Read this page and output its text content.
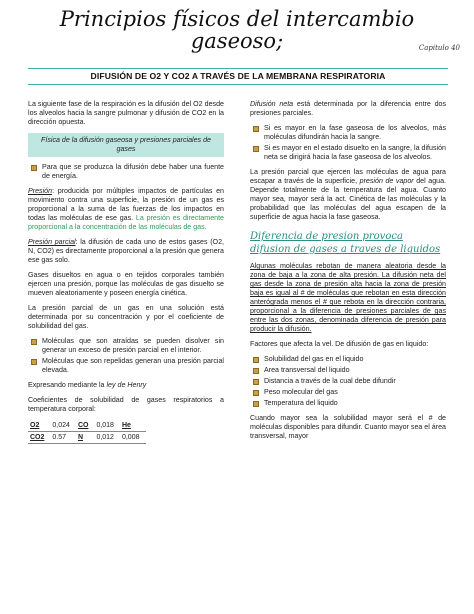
Principios físicos del intercambio
gaseoso;	Capitulo 40
DIFUSIÓN DE O2 Y CO2 A TRAVÉS DE LA MEMBRANA RESPIRATORIA

La siguiente fase de la respiración es la difusión del O2 desde los alveolos hacia la sangre pulmonar y difusión de CO2 en la dirección opuesta.

Física de la difusión gaseosa y presiones parciales de gases
Para que se produzca la difusión debe haber una fuente de energía.

Presión: producida por múltiples impactos de partículas en movimiento contra una superficie, la presión de un gas es proporcional a la suma de las fuerzas de los impactos en todas las moléculas de ese gas. La presión es directamente proporcional a la concentración de las moléculas de gas.

Presión parcial: la difusión de cada uno de estos gases (O2, N, CO2) es directamente proporcional a la presión que genera ese gas solo.

Gases disueltos en agua o en tejidos corporales también ejercen una presión, porque las moléculas de gas disuelto se mueven aleatoriamente y poseen energía cinética.

La presión parcial de un gas en una solución está determinada por su concentración y por el coeficiente de solubilidad del gas.

Moléculas que son atraídas se pueden disolver sin generar un exceso de presión parcial en el interior.
Moléculas que son repelidas generan una presión parcial elevada.

Expresando mediante la ley de Henry

Coeficientes de solubilidad de gases respiratorios a temperatura corporal:

O2	0,024	CO	0,018	He
CO2	0.57	N	0,012	0,008

Difusión neta está determinada por la diferencia entre dos presiones parciales.

Si es mayor en la fase gaseosa de los alveolos, más moléculas difundirán hacia la sangre.
Si es mayor en el estado disuelto en la sangre, la difusión neta se dirigirá hacia la fase gaseosa de los alveolos.

La presión parcial que ejercen las moléculas de agua para escapar a través de la superficie, presión de vapor del agua. Depende totalmente de la temperatura del agua. Cuanto mayor sea, mayor será la act. Cinética de las moléculas y la probabilidad que las moléculas del agua escapen de la superficie de agua hacia la fase gaseosa.

Diferencia de presion provoca difusion de gases a traves de liquidos

Algunas moléculas rebotan de manera aleatoria desde la zona de baja a la zona de alta presión. La difusión neta del gas desde la zona de presión alta hacia la zona de presión baja es igual al # de moléculas que rebotan en esta dirección anterógrada menos el # que rebota en la dirección contraria, proporcional a la diferencia de presiones parciales de gas entre las dos zonas, denominada diferencia de presión para producir la difusión.

Factores que afecta la vel. De difusión de gas en liquido:

Solubilidad del gas en el liquido
Area transversal del liquido
Distancia a través de la cual debe difundir
Peso molecular del gas
Temperatura del liquido

Cuando mayor sea la solubilidad mayor será el # de moléculas disponibles para difundir. Cuanto mayor sea el área transversal, mayor
